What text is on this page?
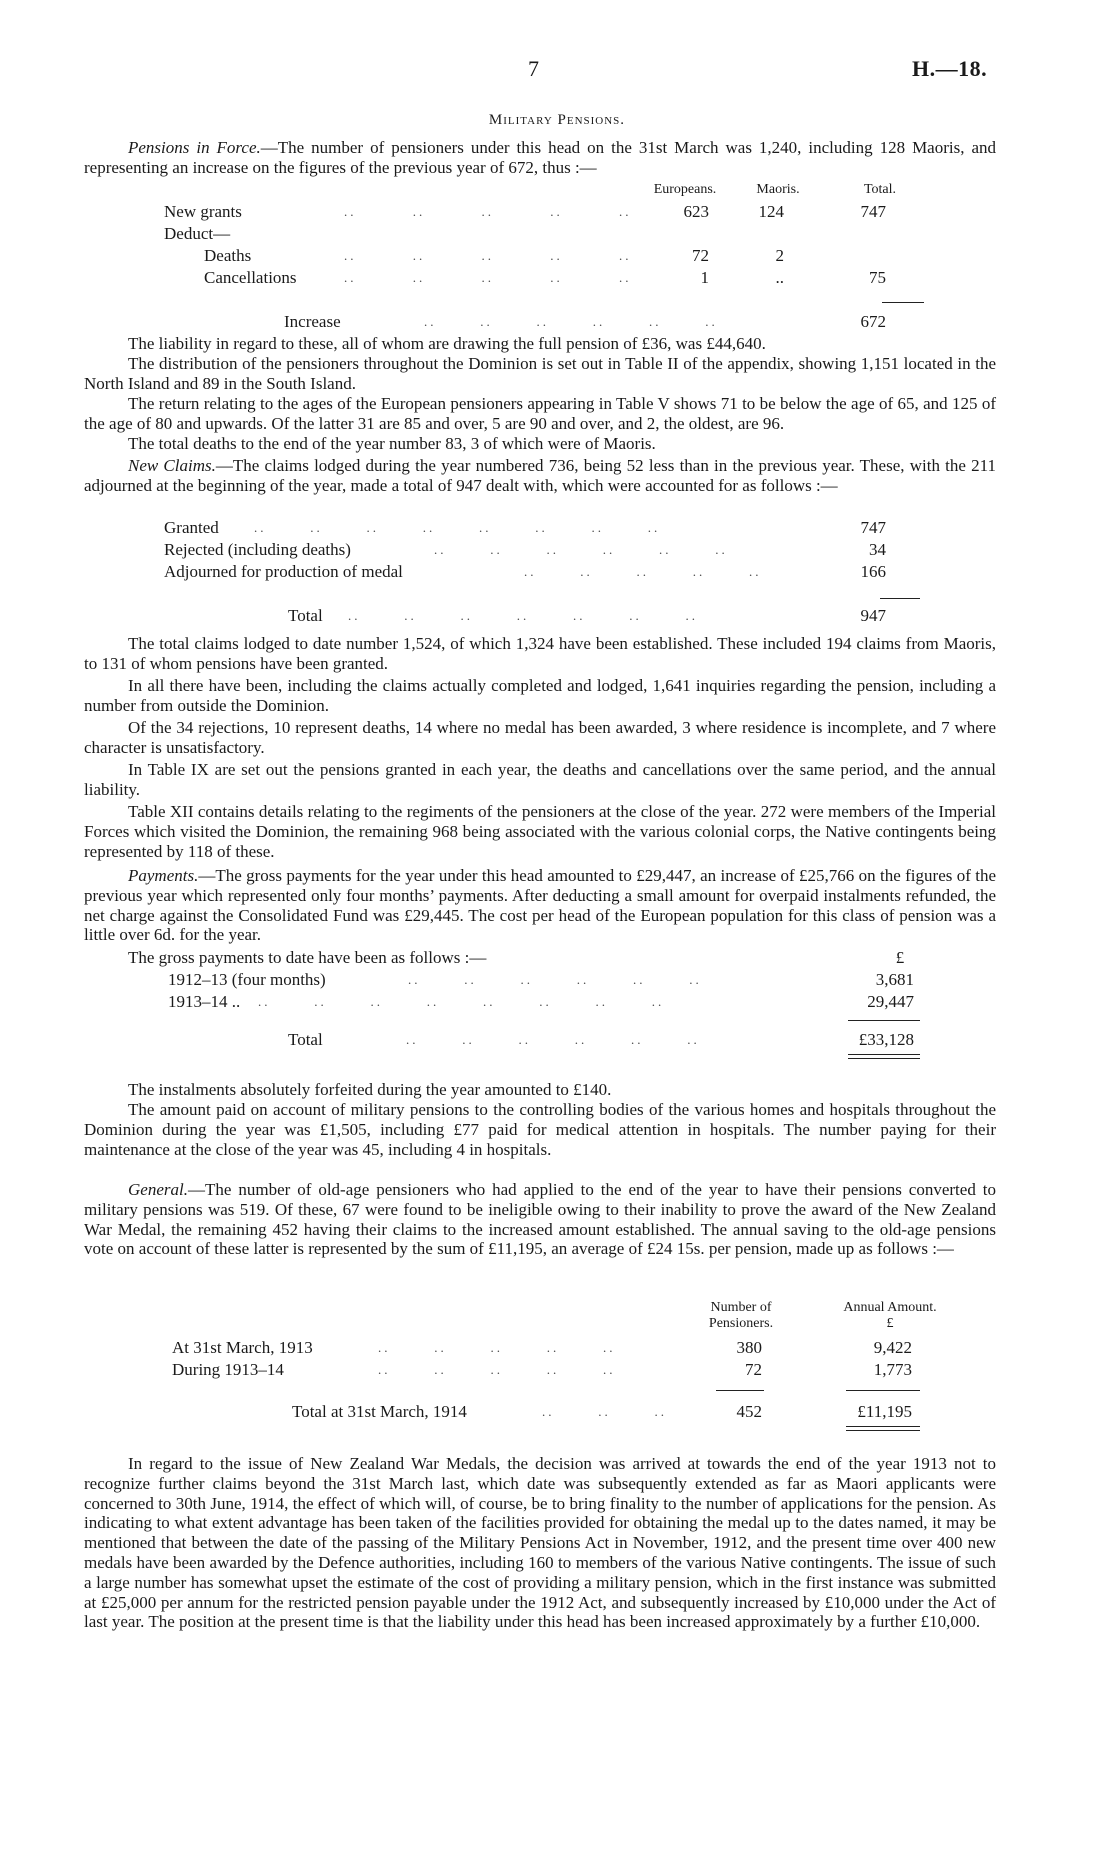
7	H.—18.
Military Pensions.
Pensions in Force.—The number of pensioners under this head on the 31st March was 1,240, including 128 Maoris, and representing an increase on the figures of the previous year of 672, thus :—
Europeans.	Maoris.	Total.
New grants	..         ..         ..         ..         ..	623	124	747
Deduct—
Deaths	..         ..         ..         ..         ..	72	2
Cancellations	..         ..         ..         ..         ..	1	..	75
Increase	..       ..       ..       ..       ..       ..	672
The liability in regard to these, all of whom are drawing the full pension of £36, was £44,640.
The distribution of the pensioners throughout the Dominion is set out in Table II of the appendix, showing 1,151 located in the North Island and 89 in the South Island.
The return relating to the ages of the European pensioners appearing in Table V shows 71 to be below the age of 65, and 125 of the age of 80 and upwards. Of the latter 31 are 85 and over, 5 are 90 and over, and 2, the oldest, are 96.
The total deaths to the end of the year number 83, 3 of which were of Maoris.
New Claims.—The claims lodged during the year numbered 736, being 52 less than in the previous year. These, with the 211 adjourned at the beginning of the year, made a total of 947 dealt with, which were accounted for as follows :—
Granted	..       ..       ..       ..       ..       ..       ..       ..	747
Rejected (including deaths)	..       ..       ..       ..       ..       ..	34
Adjourned for production of medal	..       ..       ..       ..       ..	166
Total ..       ..       ..       ..       ..       ..       ..	947
The total claims lodged to date number 1,524, of which 1,324 have been established. These included 194 claims from Maoris, to 131 of whom pensions have been granted.
In all there have been, including the claims actually completed and lodged, 1,641 inquiries regarding the pension, including a number from outside the Dominion.
Of the 34 rejections, 10 represent deaths, 14 where no medal has been awarded, 3 where residence is incomplete, and 7 where character is unsatisfactory.
In Table IX are set out the pensions granted in each year, the deaths and cancellations over the same period, and the annual liability.
Table XII contains details relating to the regiments of the pensioners at the close of the year. 272 were members of the Imperial Forces which visited the Dominion, the remaining 968 being associated with the various colonial corps, the Native contingents being represented by 118 of these.
Payments.—The gross payments for the year under this head amounted to £29,447, an increase of £25,766 on the figures of the previous year which represented only four months’ payments. After deducting a small amount for overpaid instalments refunded, the net charge against the Consolidated Fund was £29,445. The cost per head of the European population for this class of pension was a little over 6d. for the year.
The gross payments to date have been as follows :—	£
1912–13 (four months)	..       ..       ..       ..       ..       ..	3,681
1913–14 .. ..       ..       ..       ..       ..       ..       ..       ..	29,447
Total	..       ..       ..       ..       ..       ..	£33,128
The instalments absolutely forfeited during the year amounted to £140.
The amount paid on account of military pensions to the controlling bodies of the various homes and hospitals throughout the Dominion during the year was £1,505, including £77 paid for medical attention in hospitals. The number paying for their maintenance at the close of the year was 45, including 4 in hospitals.
General.—The number of old-age pensioners who had applied to the end of the year to have their pensions converted to military pensions was 519. Of these, 67 were found to be ineligible owing to their inability to prove the award of the New Zealand War Medal, the remaining 452 having their claims to the increased amount established. The annual saving to the old-age pensions vote on account of these latter is represented by the sum of £11,195, an average of £24 15s. per pension, made up as follows :—
Number of Pensioners.
Annual Amount.
£
At 31st March, 1913	..       ..       ..       ..       ..	380	9,422
During 1913–14	..       ..       ..       ..       ..	72	1,773
Total at 31st March, 1914	..       ..       ..	452	£11,195
In regard to the issue of New Zealand War Medals, the decision was arrived at towards the end of the year 1913 not to recognize further claims beyond the 31st March last, which date was subsequently extended as far as Maori applicants were concerned to 30th June, 1914, the effect of which will, of course, be to bring finality to the number of applications for the pension. As indicating to what extent advantage has been taken of the facilities provided for obtaining the medal up to the dates named, it may be mentioned that between the date of the passing of the Military Pensions Act in November, 1912, and the present time over 400 new medals have been awarded by the Defence authorities, including 160 to members of the various Native contingents. The issue of such a large number has somewhat upset the estimate of the cost of providing a military pension, which in the first instance was submitted at £25,000 per annum for the restricted pension payable under the 1912 Act, and subsequently increased by £10,000 under the Act of last year. The position at the present time is that the liability under this head has been increased approximately by a further £10,000.
